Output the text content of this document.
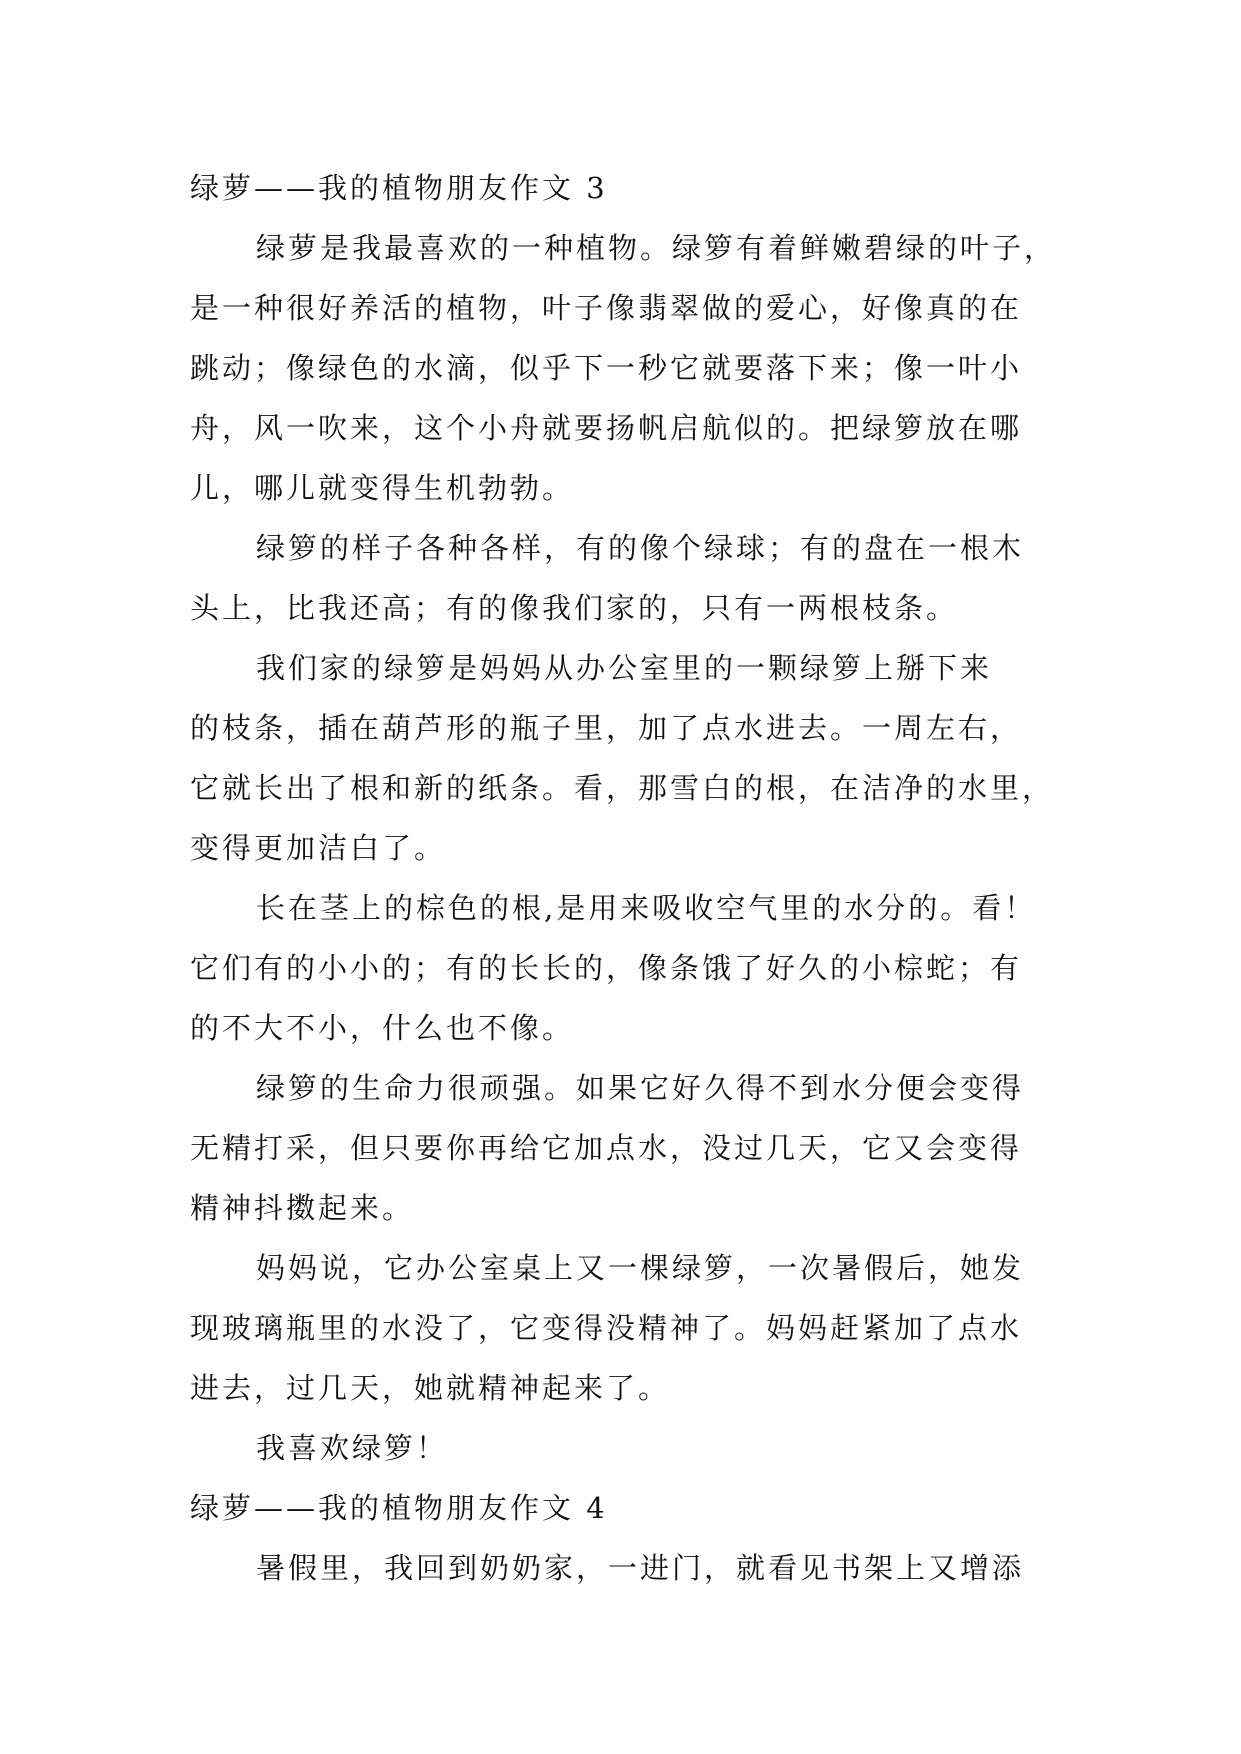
绿萝——我的植物朋友作文 3
绿萝是我最喜欢的一种植物。绿箩有着鲜嫩碧绿的叶子，
是一种很好养活的植物，叶子像翡翠做的爱心，好像真的在
跳动；像绿色的水滴，似乎下一秒它就要落下来；像一叶小
舟，风一吹来，这个小舟就要扬帆启航似的。把绿箩放在哪
儿，哪儿就变得生机勃勃。
绿箩的样子各种各样，有的像个绿球；有的盘在一根木
头上，比我还高；有的像我们家的，只有一两根枝条。
我们家的绿箩是妈妈从办公室里的一颗绿箩上掰下来
的枝条，插在葫芦形的瓶子里，加了点水进去。一周左右，
它就长出了根和新的纸条。看，那雪白的根，在洁净的水里，
变得更加洁白了。
长在茎上的棕色的根,是用来吸收空气里的水分的。看！
它们有的小小的；有的长长的，像条饿了好久的小棕蛇；有
的不大不小，什么也不像。
绿箩的生命力很顽强。如果它好久得不到水分便会变得
无精打采，但只要你再给它加点水，没过几天，它又会变得
精神抖擞起来。
妈妈说，它办公室桌上又一棵绿箩，一次暑假后，她发
现玻璃瓶里的水没了，它变得没精神了。妈妈赶紧加了点水
进去，过几天，她就精神起来了。
我喜欢绿箩！
绿萝——我的植物朋友作文 4
暑假里，我回到奶奶家，一进门，就看见书架上又增添
